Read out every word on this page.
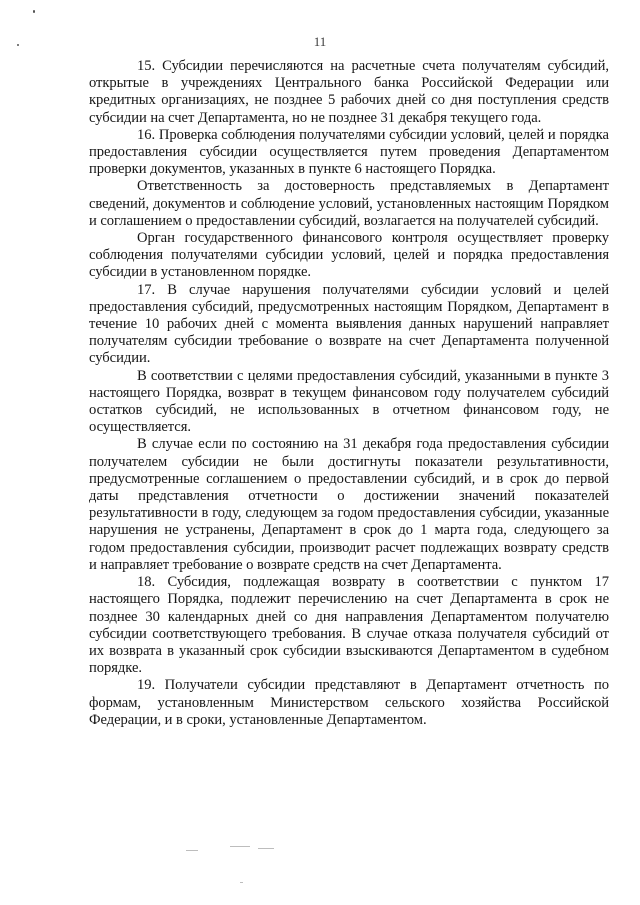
11

15. Субсидии перечисляются на расчетные счета получателям субсидий, открытые в учреждениях Центрального банка Российской Федерации или кредитных организациях, не позднее 5 рабочих дней со дня поступления средств субсидии на счет Департамента, но не позднее 31 декабря текущего года.

16. Проверка соблюдения получателями субсидии условий, целей и порядка предоставления субсидии осуществляется путем проведения Департаментом проверки документов, указанных в пункте 6 настоящего Порядка.

Ответственность за достоверность представляемых в Департамент сведений, документов и соблюдение условий, установленных настоящим Порядком и соглашением о предоставлении субсидий, возлагается на получателей субсидий.

Орган государственного финансового контроля осуществляет проверку соблюдения получателями субсидии условий, целей и порядка предоставления субсидии в установленном порядке.

17. В случае нарушения получателями субсидии условий и целей предоставления субсидий, предусмотренных настоящим Порядком, Департамент в течение 10 рабочих дней с момента выявления данных нарушений направляет получателям субсидии требование о возврате на счет Департамента полученной субсидии.

В соответствии с целями предоставления субсидий, указанными в пункте 3 настоящего Порядка, возврат в текущем финансовом году получателем субсидий остатков субсидий, не использованных в отчетном финансовом году, не осуществляется.

В случае если по состоянию на 31 декабря года предоставления субсидии получателем субсидии не были достигнуты показатели результативности, предусмотренные соглашением о предоставлении субсидий, и в срок до первой даты представления отчетности о достижении значений показателей результативности в году, следующем за годом предоставления субсидии, указанные нарушения не устранены, Департамент в срок до 1 марта года, следующего за годом предоставления субсидии, производит расчет подлежащих возврату средств и направляет требование о возврате средств на счет Департамента.

18. Субсидия, подлежащая возврату в соответствии с пунктом 17 настоящего Порядка, подлежит перечислению на счет Департамента в срок не позднее 30 календарных дней со дня направления Департаментом получателю субсидии соответствующего требования. В случае отказа получателя субсидий от их возврата в указанный срок субсидии взыскиваются Департаментом в судебном порядке.

19. Получатели субсидии представляют в Департамент отчетность по формам, установленным Министерством сельского хозяйства Российской Федерации, и в сроки, установленные Департаментом.
